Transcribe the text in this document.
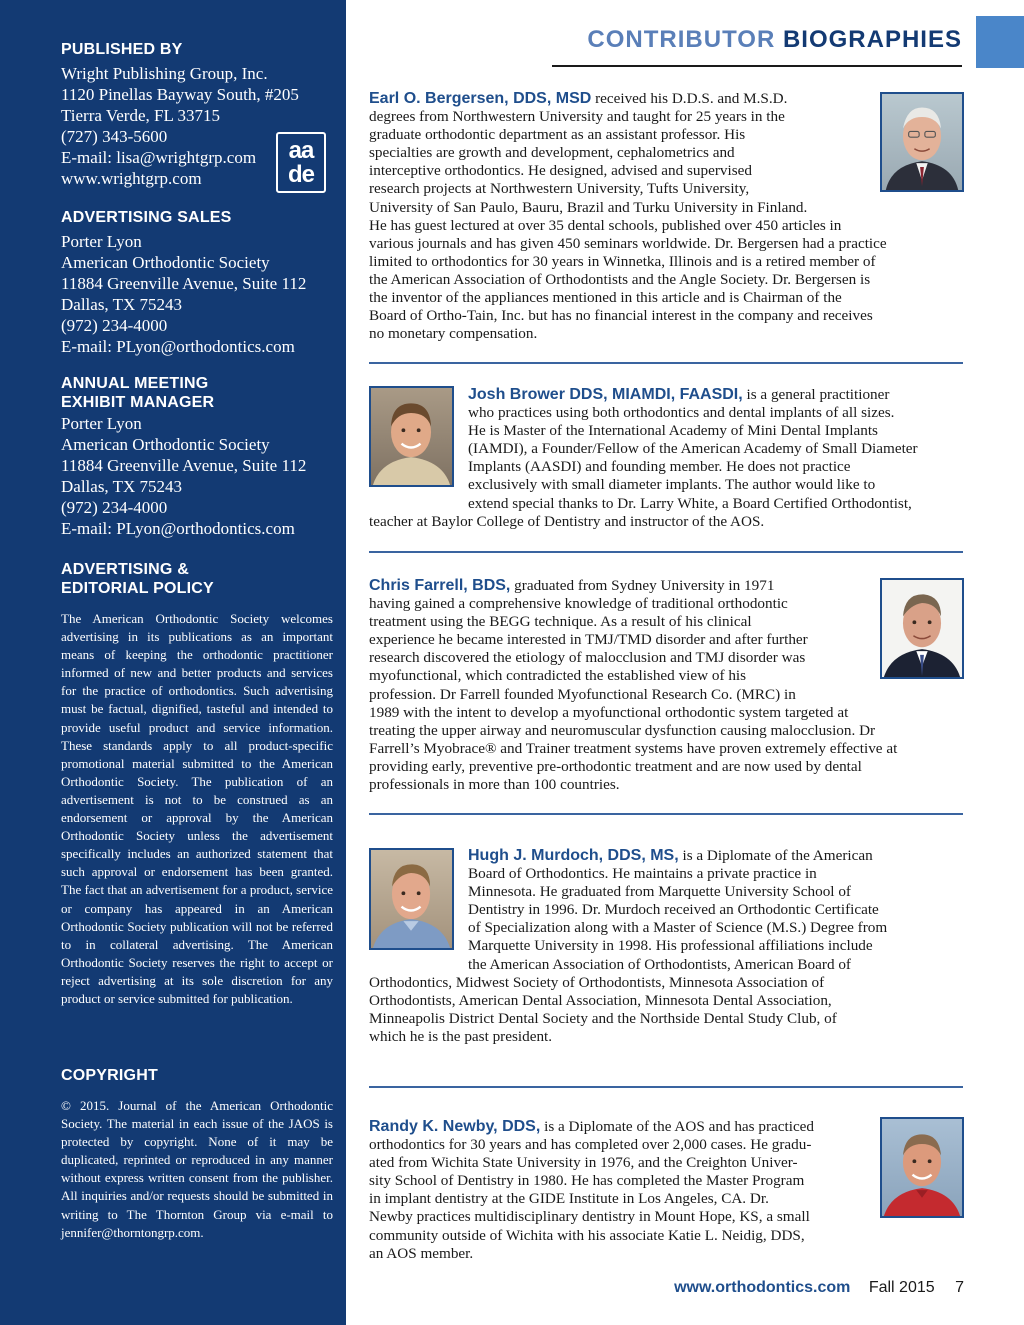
PUBLISHED BY
Wright Publishing Group, Inc.
1120 Pinellas Bayway South, #205
Tierra Verde, FL 33715
(727) 343-5600
E-mail: lisa@wrightgrp.com
www.wrightgrp.com
aa
de
ADVERTISING SALES
Porter Lyon
American Orthodontic Society
11884 Greenville Avenue, Suite 112
Dallas, TX 75243
(972) 234-4000
E-mail: PLyon@orthodontics.com
ANNUAL MEETING
EXHIBIT MANAGER
Porter Lyon
American Orthodontic Society
11884 Greenville Avenue, Suite 112
Dallas, TX 75243
(972) 234-4000
E-mail: PLyon@orthodontics.com
ADVERTISING &
EDITORIAL POLICY

The American Orthodontic Society welcomes advertising in its publications as an important means of keeping the orthodontic practitioner informed of new and better products and services for the practice of orthodontics. Such advertising must be factual, dignified, tasteful and intended to provide useful product and service information. These standards apply to all product-specific promotional material submitted to the American Orthodontic Society. The publication of an advertisement is not to be construed as an endorsement or approval by the American Orthodontic Society unless the advertisement specifically includes an authorized statement that such approval or endorsement has been granted. The fact that an advertisement for a product, service or company has appeared in an American Orthodontic Society publication will not be referred to in collateral advertising. The American Orthodontic Society reserves the right to accept or reject advertising at its sole discretion for any product or service submitted for publication.

COPYRIGHT

© 2015. Journal of the American Orthodontic Society. The material in each issue of the JAOS is protected by copyright. None of it may be duplicated, reprinted or reproduced in any manner without express written consent from the publisher. All inquiries and/or requests should be submitted in writing to The Thornton Group via e-mail to jennifer@thorntongrp.com.

CONTRIBUTOR BIOGRAPHIES
Earl O. Bergersen, DDS, MSD received his D.D.S. and M.S.D.
degrees from Northwestern University and taught for 25 years in the
graduate orthodontic department as an assistant professor. His
specialties are growth and development, cephalometrics and
interceptive orthodontics. He designed, advised and supervised
research projects at Northwestern University, Tufts University,
University of San Paulo, Bauru, Brazil and Turku University in Finland.
He has guest lectured at over 35 dental schools, published over 450 articles in
various journals and has given 450 seminars worldwide. Dr. Bergersen had a practice
limited to orthodontics for 30 years in Winnetka, Illinois and is a retired member of
the American Association of Orthodontists and the Angle Society. Dr. Bergersen is
the inventor of the appliances mentioned in this article and is Chairman of the
Board of Ortho-Tain, Inc. but has no financial interest in the company and receives
no monetary compensation.
Josh Brower DDS, MIAMDI, FAASDI, is a general practitioner
who practices using both orthodontics and dental implants of all sizes.
He is Master of the International Academy of Mini Dental Implants
(IAMDI), a Founder/Fellow of the American Academy of Small Diameter
Implants (AASDI) and founding member. He does not practice
exclusively with small diameter implants. The author would like to
extend special thanks to Dr. Larry White, a Board Certified Orthodontist,
teacher at Baylor College of Dentistry and instructor of the AOS.
Chris Farrell, BDS, graduated from Sydney University in 1971
having gained a comprehensive knowledge of traditional orthodontic
treatment using the BEGG technique. As a result of his clinical
experience he became interested in TMJ/TMD disorder and after further
research discovered the etiology of malocclusion and TMJ disorder was
myofunctional, which contradicted the established view of his
profession. Dr Farrell founded Myofunctional Research Co. (MRC) in
1989 with the intent to develop a myofunctional orthodontic system targeted at
treating the upper airway and neuromuscular dysfunction causing malocclusion. Dr
Farrell’s Myobrace® and Trainer treatment systems have proven extremely effective at
providing early, preventive pre-orthodontic treatment and are now used by dental
professionals in more than 100 countries.
Hugh J. Murdoch, DDS, MS, is a Diplomate of the American
Board of Orthodontics. He maintains a private practice in
Minnesota. He graduated from Marquette University School of
Dentistry in 1996. Dr. Murdoch received an Orthodontic Certificate
of Specialization along with a Master of Science (M.S.) Degree from
Marquette University in 1998. His professional affiliations include
the American Association of Orthodontists, American Board of
Orthodontics, Midwest Society of Orthodontists, Minnesota Association of
Orthodontists, American Dental Association, Minnesota Dental Association,
Minneapolis District Dental Society and the Northside Dental Study Club, of
which he is the past president.
Randy K. Newby, DDS, is a Diplomate of the AOS and has practiced
orthodontics for 30 years and has completed over 2,000 cases. He gradu-
ated from Wichita State University in 1976, and the Creighton Univer-
sity School of Dentistry in 1980. He has completed the Master Program
in implant dentistry at the GIDE Institute in Los Angeles, CA. Dr.
Newby practices multidisciplinary dentistry in Mount Hope, KS, a small
community outside of Wichita with his associate Katie L. Neidig, DDS,
an AOS member.
www.orthodontics.com Fall 2015 7
